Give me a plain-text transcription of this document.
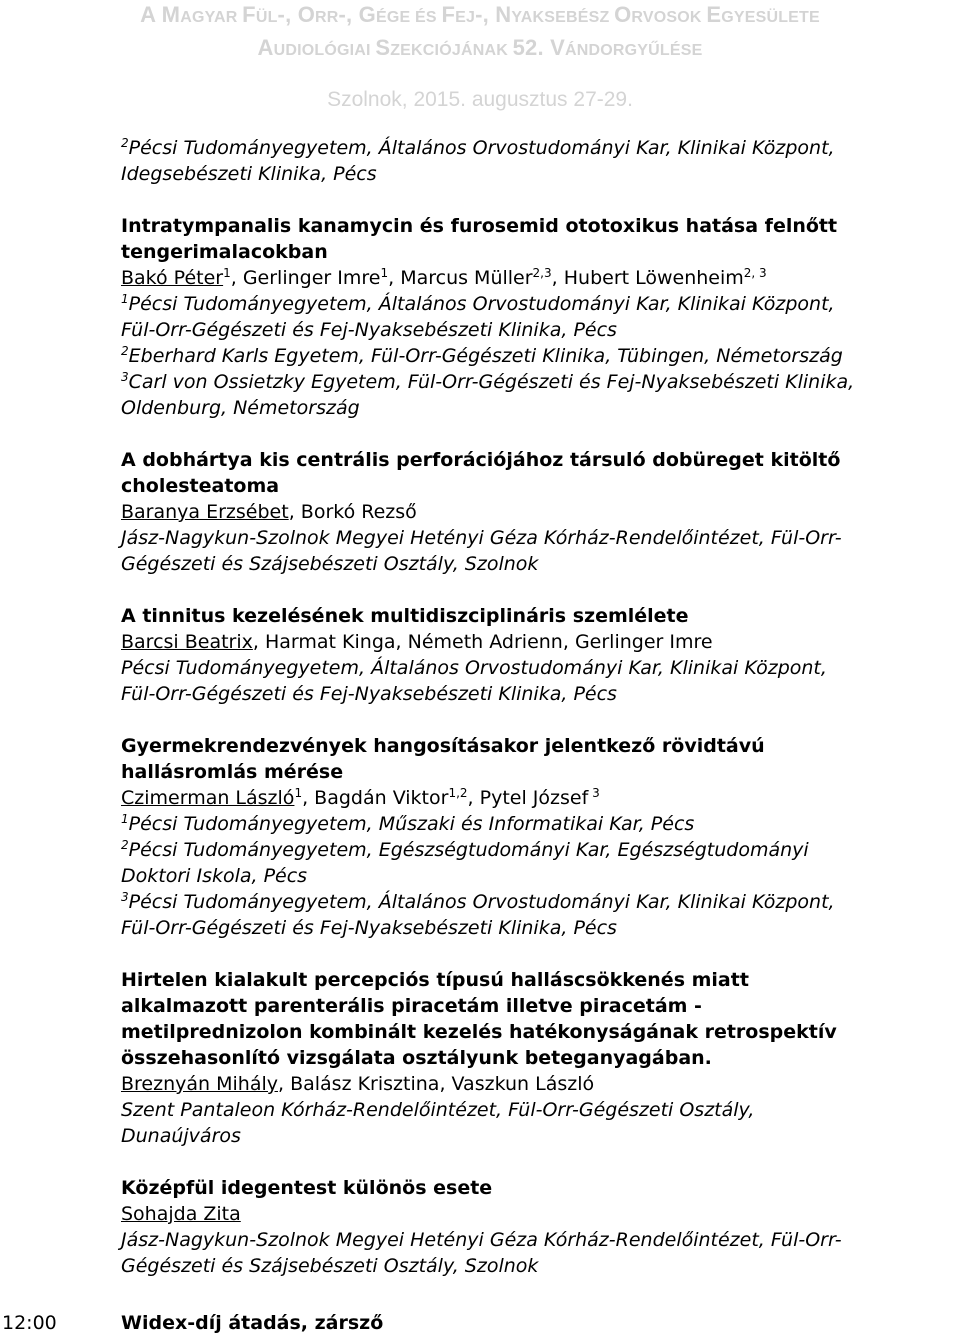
A MAGYAR FÜL-, ORR-, GÉGE ÉS FEJ-, NYAKSEBÉSZ ORVOSOK EGYESÜLETE
AUDIOLÓGIAI SZEKCIÓJÁNAK 52. VÁNDORGYŰLÉSE
Szolnok, 2015. augusztus 27-29.
$^2$Pécsi Tudományegyetem, Általános Orvostudományi Kar, Klinikai Központ,
Idegsebészeti Klinika, Pécs
Intratympanalis kanamycin és furosemid ototoxikus hatása felnőtt
tengerimalacokban
Bakó Péter$^1$, Gerlinger Imre$^1$, Marcus Müller$^{2,3}$, Hubert Löwenheim$^{2, 3}$
$^1$Pécsi Tudományegyetem, Általános Orvostudományi Kar, Klinikai Központ,
Fül-Orr-Gégészeti és Fej-Nyaksebészeti Klinika, Pécs
$^2$Eberhard Karls Egyetem, Fül-Orr-Gégészeti Klinika, Tübingen, Németország
$^3$Carl von Ossietzky Egyetem, Fül-Orr-Gégészeti és Fej-Nyaksebészeti Klinika,
Oldenburg, Németország
A dobhártya kis centrális perforációjához társuló dobüreget kitöltő
cholesteatoma
Baranya Erzsébet, Borkó Rezső
Jász-Nagykun-Szolnok Megyei Hetényi Géza Kórház-Rendelőintézet, Fül-Orr-
Gégészeti és Szájsebészeti Osztály, Szolnok
A tinnitus kezelésének multidiszciplináris szemlélete
Barcsi Beatrix, Harmat Kinga, Németh Adrienn, Gerlinger Imre
Pécsi Tudományegyetem, Általános Orvostudományi Kar, Klinikai Központ,
Fül-Orr-Gégészeti és Fej-Nyaksebészeti Klinika, Pécs
Gyermekrendezvények hangosításakor jelentkező rövidtávú
hallásromlás mérése
Czimerman László$^1$, Bagdán Viktor$^{1,2}$, Pytel József $^3$
$^1$Pécsi Tudományegyetem, Műszaki és Informatikai Kar, Pécs
$^2$Pécsi Tudományegyetem, Egészségtudományi Kar, Egészségtudományi
Doktori Iskola, Pécs
$^3$Pécsi Tudományegyetem, Általános Orvostudományi Kar, Klinikai Központ,
Fül-Orr-Gégészeti és Fej-Nyaksebészeti Klinika, Pécs
Hirtelen kialakult percepciós típusú halláscsökkenés miatt
alkalmazott parenterális piracetám illetve piracetám -
metilprednizolon kombinált kezelés hatékonyságának retrospektív
összehasonlító vizsgálata osztályunk beteganyagában.
Breznyán Mihály, Balász Krisztina, Vaszkun László
Szent Pantaleon Kórház-Rendelőintézet, Fül-Orr-Gégészeti Osztály,
Dunaújváros
Középfül idegentest különös esete
Sohajda Zita
Jász-Nagykun-Szolnok Megyei Hetényi Géza Kórház-Rendelőintézet, Fül-Orr-
Gégészeti és Szájsebészeti Osztály, Szolnok
12:00	Widex-díj átadás, zársző
